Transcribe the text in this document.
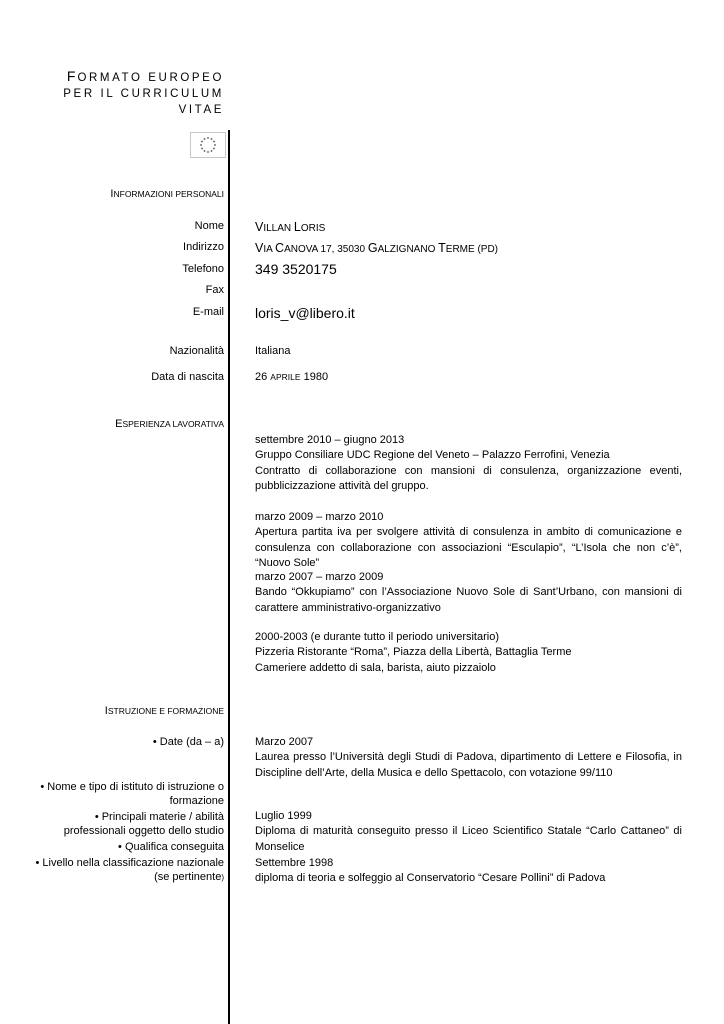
FORMATO EUROPEO
PER IL CURRICULUM
VITAE
INFORMAZIONI PERSONALI
Nome VILLAN LORIS
Indirizzo VIA CANOVA 17, 35030 GALZIGNANO TERME (PD)
Telefono 349 3520175
Fax
E-mail loris_v@libero.it
Nazionalità	Italiana
Data di nascita	26 APRILE 1980
ESPERIENZA LAVORATIVA
settembre 2010 – giugno 2013
Gruppo Consiliare UDC Regione del Veneto – Palazzo Ferrofini, Venezia
Contratto di collaborazione con mansioni di consulenza, organizzazione eventi, pubblicizzazione attività del gruppo.
marzo 2009 – marzo 2010
Apertura partita iva per svolgere attività di consulenza in ambito di comunicazione e consulenza con collaborazione con associazioni “Esculapio”, “L’Isola che non c’è”, “Nuovo Sole”
marzo 2007 – marzo 2009
Bando “Okkupiamo” con l’Associazione Nuovo Sole di Sant’Urbano, con mansioni di carattere amministrativo-organizzativo
2000-2003 (e durante tutto il periodo universitario)
Pizzeria Ristorante “Roma”, Piazza della Libertà, Battaglia Terme
Cameriere addetto di sala, barista, aiuto pizzaiolo
ISTRUZIONE E FORMAZIONE
• Date (da – a)
• Nome e tipo di istituto di istruzione o
formazione
• Principali materie / abilità
professionali oggetto dello studio
• Qualifica conseguita
• Livello nella classificazione nazionale
(se pertinente)
Marzo 2007
Laurea presso l’Università degli Studi di Padova, dipartimento di Lettere e Filosofia, in Discipline dell’Arte, della Musica e dello Spettacolo, con votazione 99/110
Luglio 1999
Diploma di maturità conseguito presso il Liceo Scientifico Statale “Carlo Cattaneo” di Monselice
Settembre 1998
diploma di teoria e solfeggio al Conservatorio “Cesare Pollini” di Padova
